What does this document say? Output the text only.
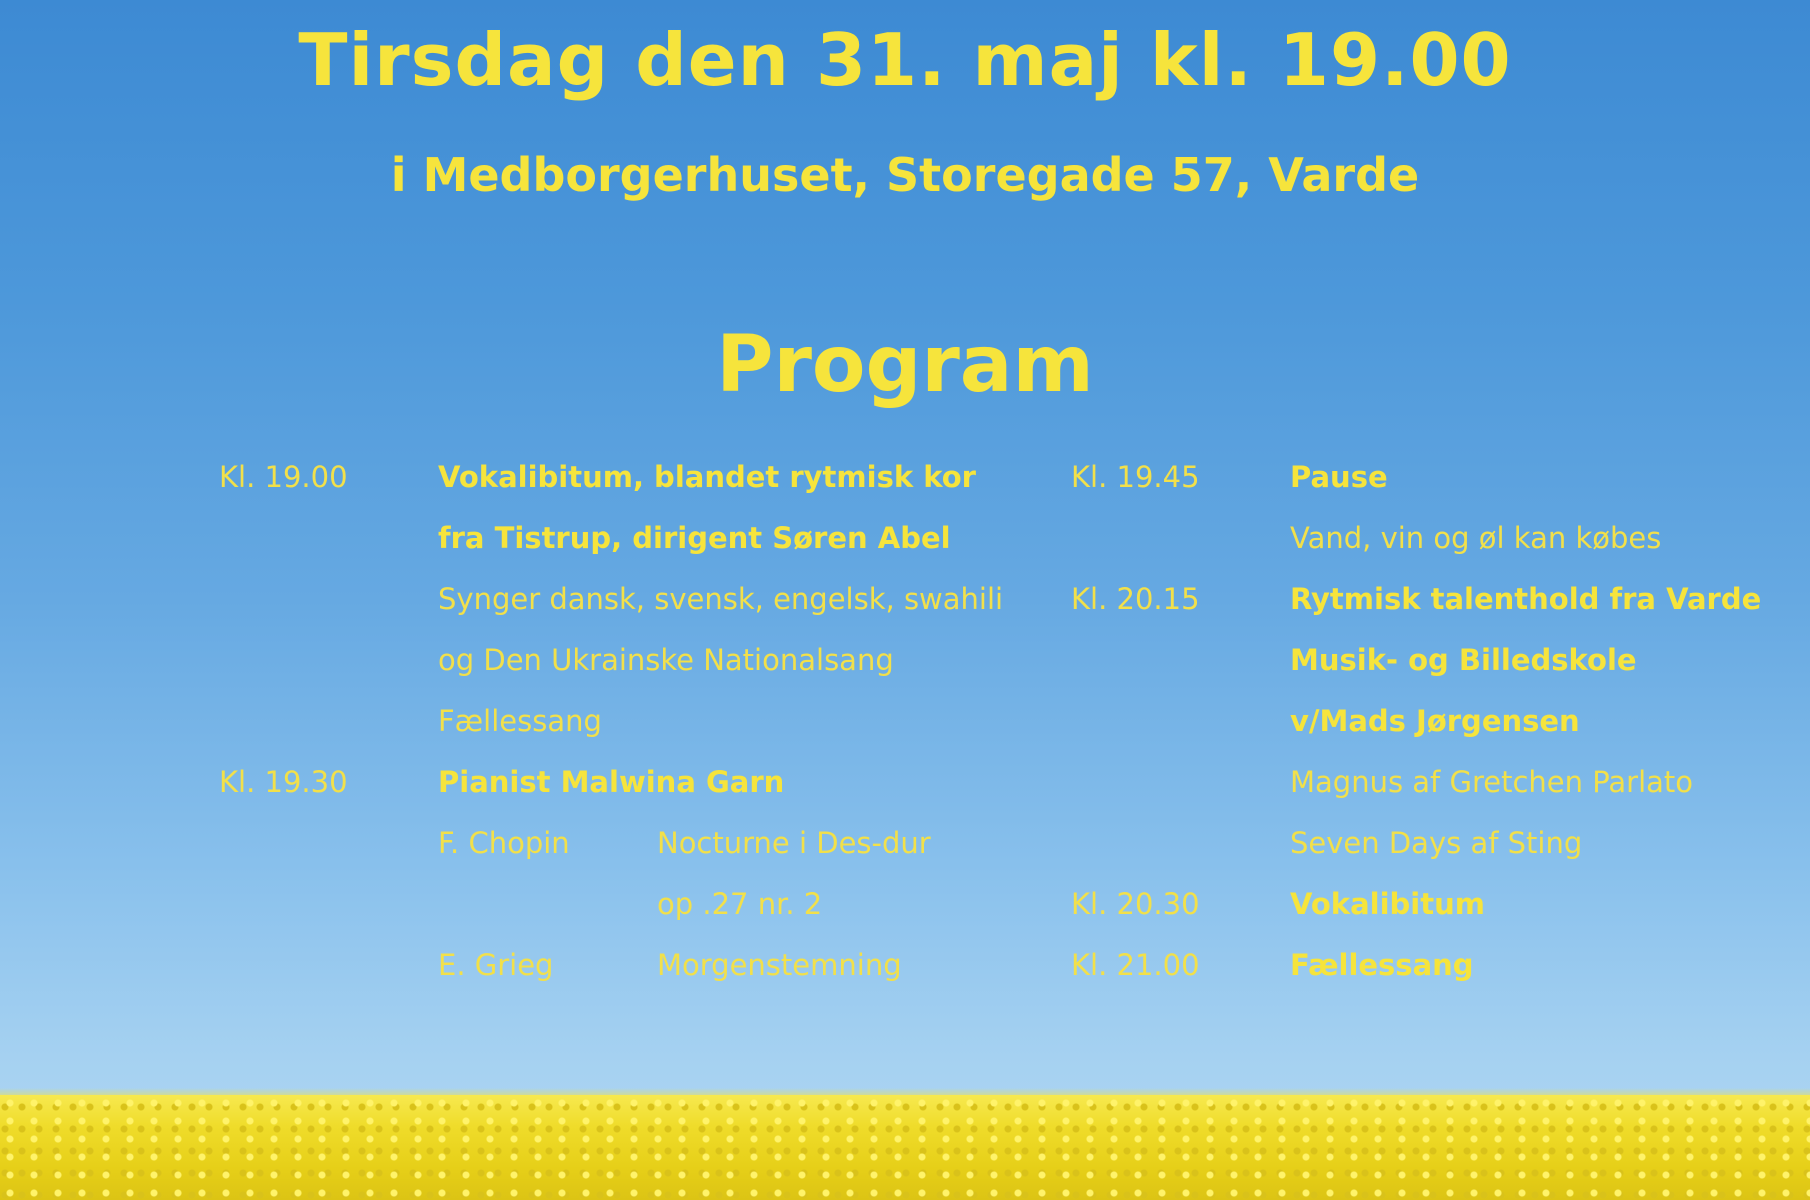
Tirsdag den 31. maj kl. 19.00
i Medborgerhuset, Storegade 57, Varde
Program
Kl. 19.00	Vokalibitum, blandet rytmisk kor
fra Tistrup, dirigent Søren Abel
Synger dansk, svensk, engelsk, swahili
og Den Ukrainske Nationalsang
Fællessang
Kl. 19.30	Pianist Malwina Garn
F. Chopin	Nocturne i Des-dur
op .27 nr. 2
E. Grieg	Morgenstemning
Kl. 19.45	Pause
Vand, vin og øl kan købes
Kl. 20.15	Rytmisk talenthold fra Varde
Musik- og Billedskole
v/Mads Jørgensen
Magnus af Gretchen Parlato
Seven Days af Sting
Kl. 20.30	Vokalibitum
Kl. 21.00	Fællessang
